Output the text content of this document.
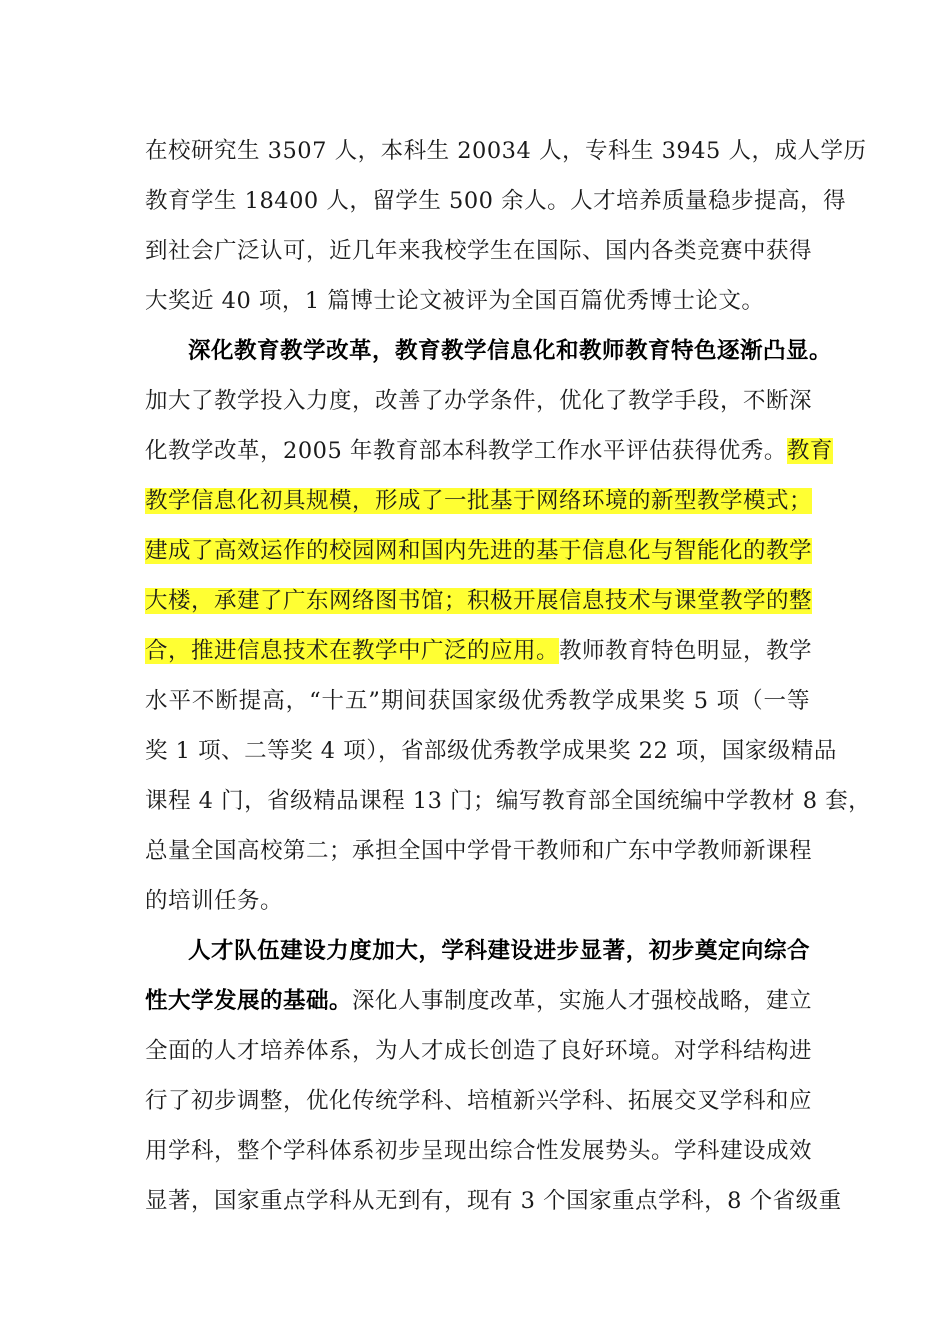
在校研究生 3507 人，本科生 20034 人，专科生 3945 人，成人学历
教育学生 18400 人，留学生 500 余人。人才培养质量稳步提高，得
到社会广泛认可，近几年来我校学生在国际、国内各类竞赛中获得
大奖近 40 项，1 篇博士论文被评为全国百篇优秀博士论文。
深化教育教学改革，教育教学信息化和教师教育特色逐渐凸显。
加大了教学投入力度，改善了办学条件，优化了教学手段，不断深
化教学改革，2005 年教育部本科教学工作水平评估获得优秀。教育
教学信息化初具规模，形成了一批基于网络环境的新型教学模式；
建成了高效运作的校园网和国内先进的基于信息化与智能化的教学
大楼，承建了广东网络图书馆；积极开展信息技术与课堂教学的整
合，推进信息技术在教学中广泛的应用。教师教育特色明显，教学
水平不断提高，“十五”期间获国家级优秀教学成果奖 5 项（一等
奖 1 项、二等奖 4 项），省部级优秀教学成果奖 22 项，国家级精品
课程 4 门，省级精品课程 13 门；编写教育部全国统编中学教材 8 套，
总量全国高校第二；承担全国中学骨干教师和广东中学教师新课程
的培训任务。
人才队伍建设力度加大，学科建设进步显著，初步奠定向综合
性大学发展的基础。深化人事制度改革，实施人才强校战略，建立
全面的人才培养体系，为人才成长创造了良好环境。对学科结构进
行了初步调整，优化传统学科、培植新兴学科、拓展交叉学科和应
用学科，整个学科体系初步呈现出综合性发展势头。学科建设成效
显著，国家重点学科从无到有，现有 3 个国家重点学科，8 个省级重
